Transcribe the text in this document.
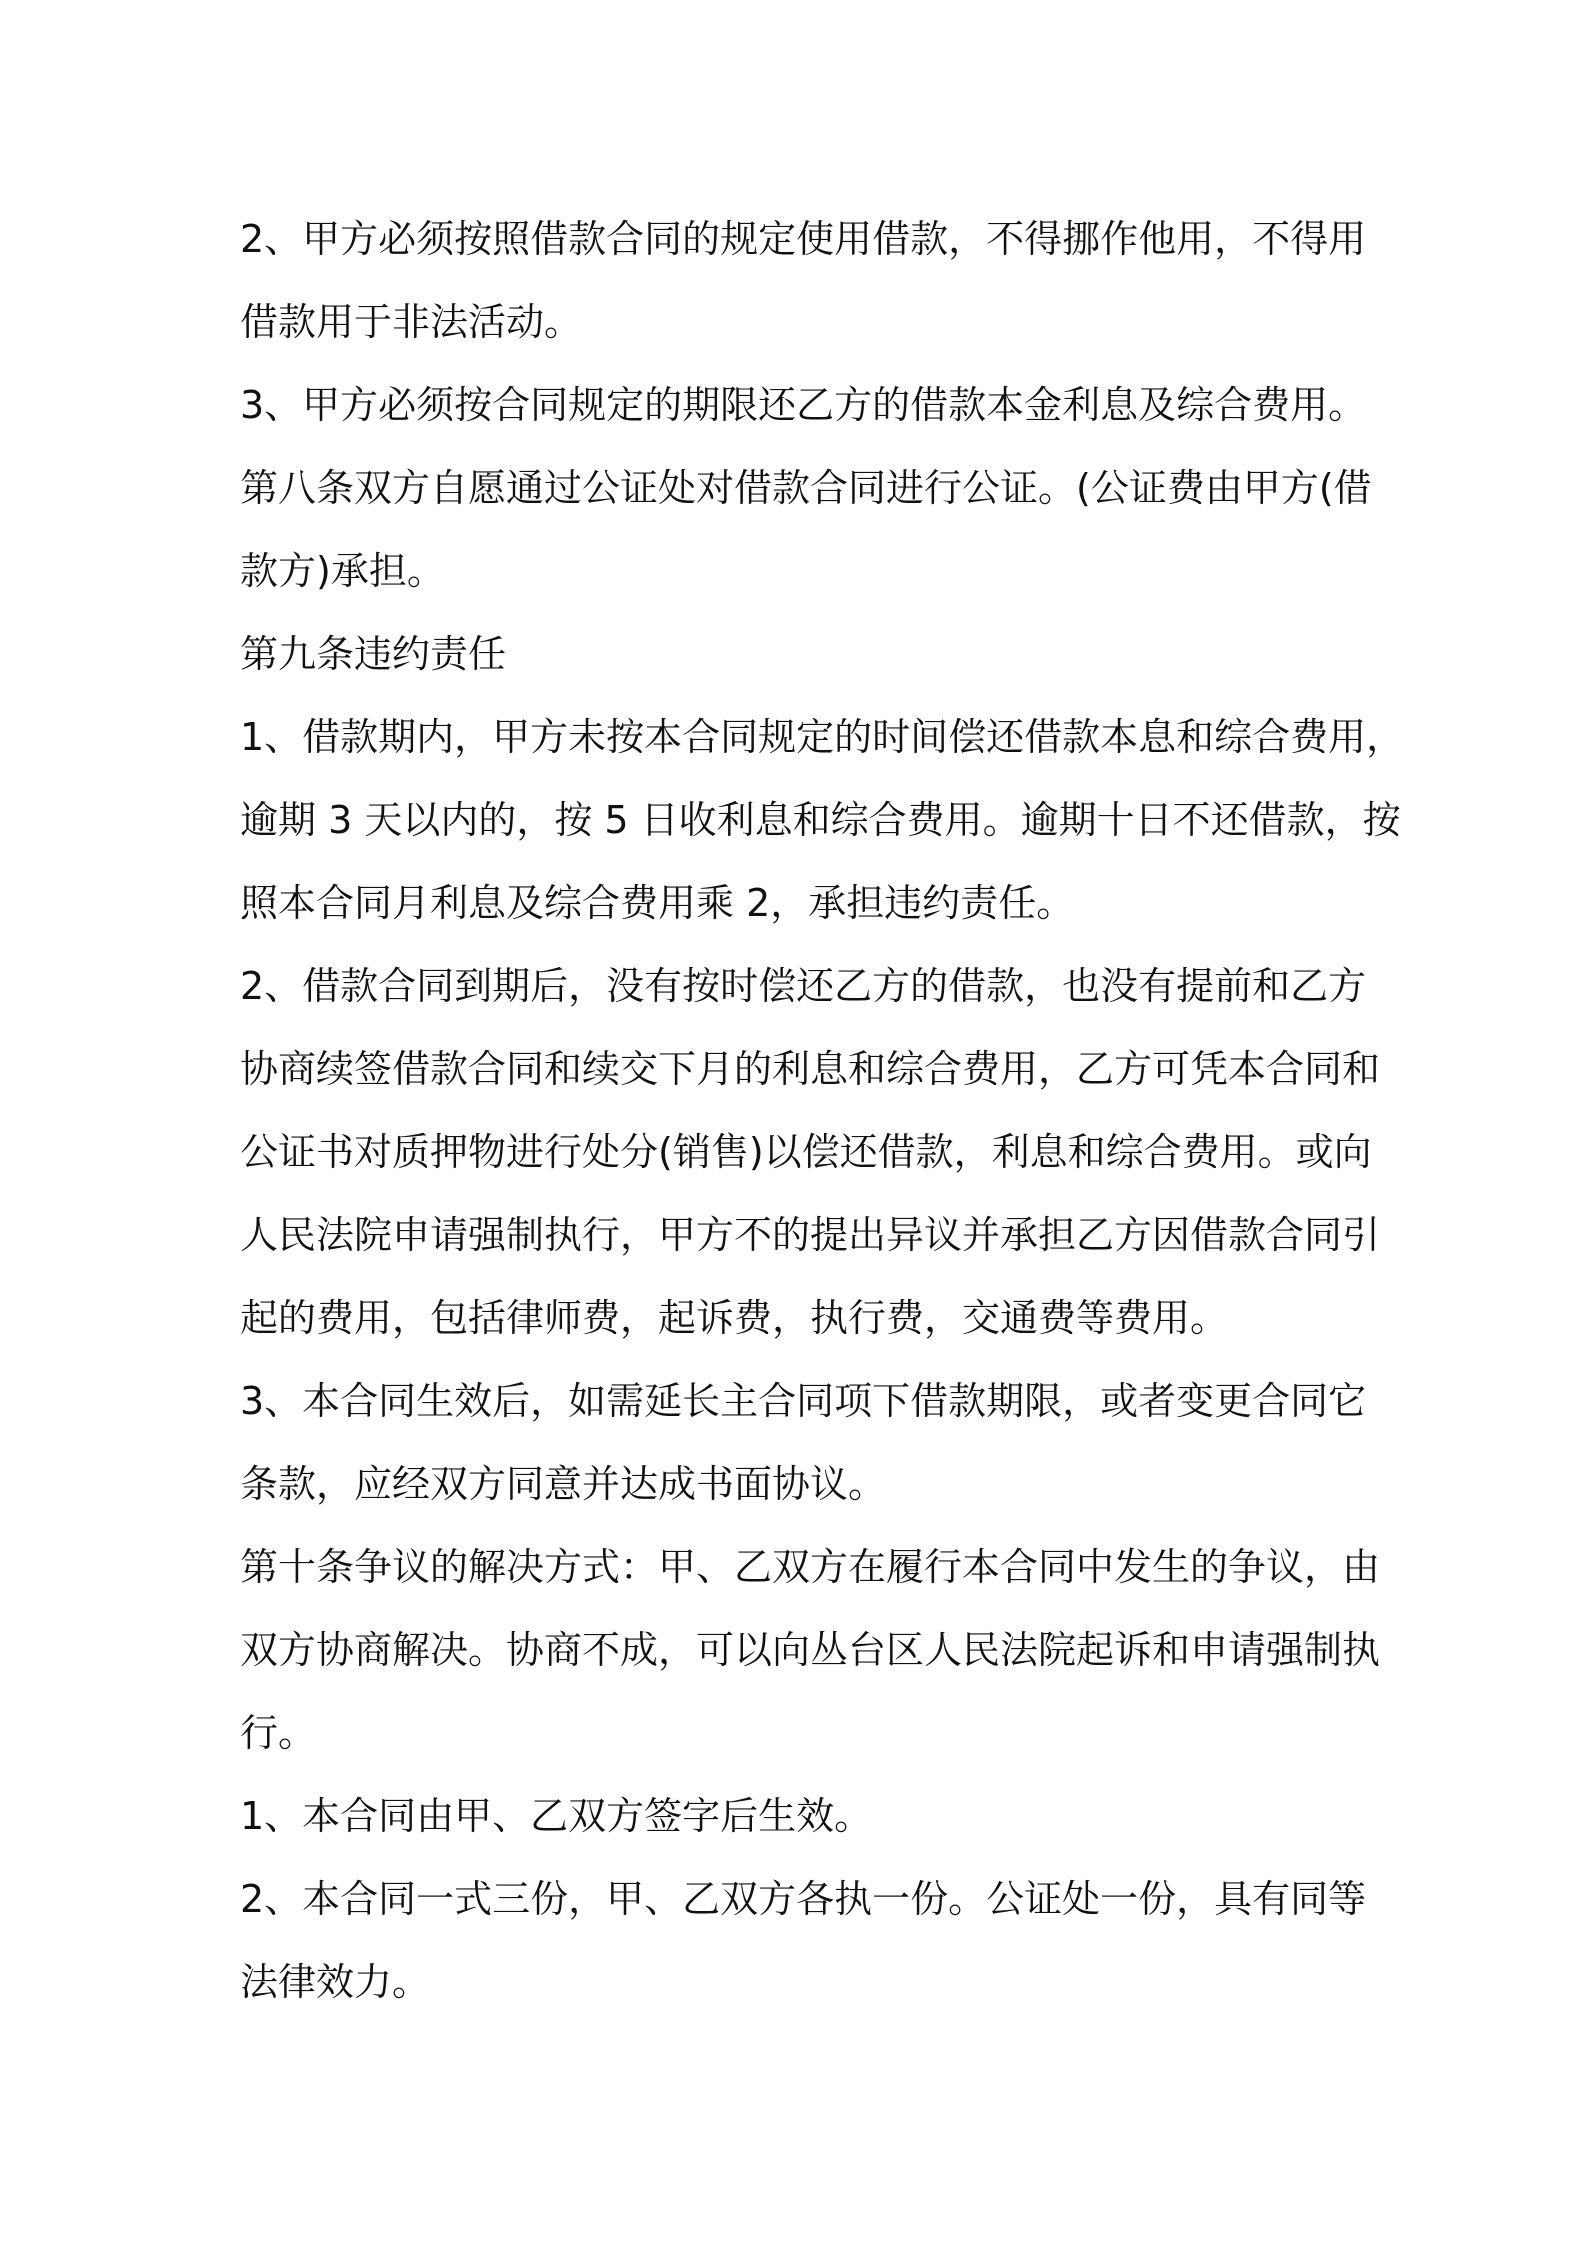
2、甲方必须按照借款合同的规定使用借款，不得挪作他用，不得用
借款用于非法活动。
3、甲方必须按合同规定的期限还乙方的借款本金利息及综合费用。
第八条双方自愿通过公证处对借款合同进行公证。(公证费由甲方(借
款方)承担。
第九条违约责任
1、借款期内，甲方未按本合同规定的时间偿还借款本息和综合费用，
逾期 3 天以内的，按 5 日收利息和综合费用。逾期十日不还借款，按
照本合同月利息及综合费用乘 2，承担违约责任。
2、借款合同到期后，没有按时偿还乙方的借款，也没有提前和乙方
协商续签借款合同和续交下月的利息和综合费用，乙方可凭本合同和
公证书对质押物进行处分(销售)以偿还借款，利息和综合费用。或向
人民法院申请强制执行，甲方不的提出异议并承担乙方因借款合同引
起的费用，包括律师费，起诉费，执行费，交通费等费用。
3、本合同生效后，如需延长主合同项下借款期限，或者变更合同它
条款，应经双方同意并达成书面协议。
第十条争议的解决方式：甲、乙双方在履行本合同中发生的争议，由
双方协商解决。协商不成，可以向丛台区人民法院起诉和申请强制执
行。
1、本合同由甲、乙双方签字后生效。
2、本合同一式三份，甲、乙双方各执一份。公证处一份，具有同等
法律效力。
